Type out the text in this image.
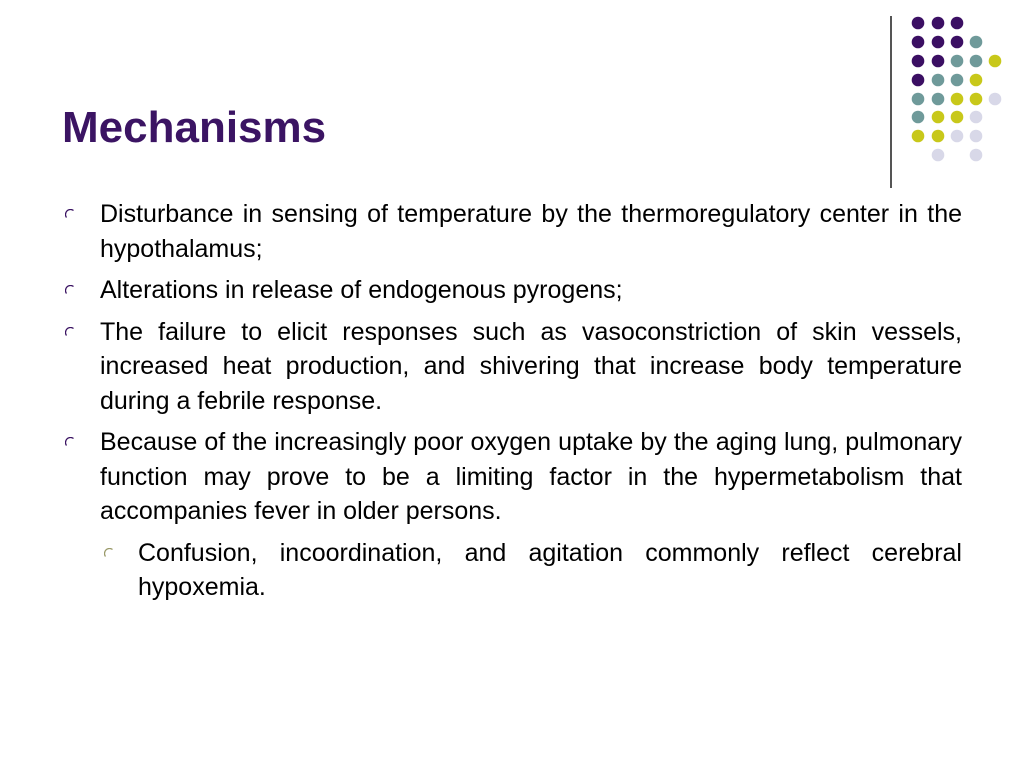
Mechanisms
Disturbance in sensing of temperature by the thermoregulatory center in the hypothalamus;
Alterations in release of endogenous pyrogens;
The failure to elicit responses such as vasoconstriction of skin vessels, increased heat production, and shivering that increase body temperature during a febrile response.
Because of the increasingly poor oxygen uptake by the aging lung, pulmonary function may prove to be a limiting factor in the hypermetabolism that accompanies fever in older persons.
Confusion, incoordination, and agitation commonly reflect cerebral hypoxemia.
